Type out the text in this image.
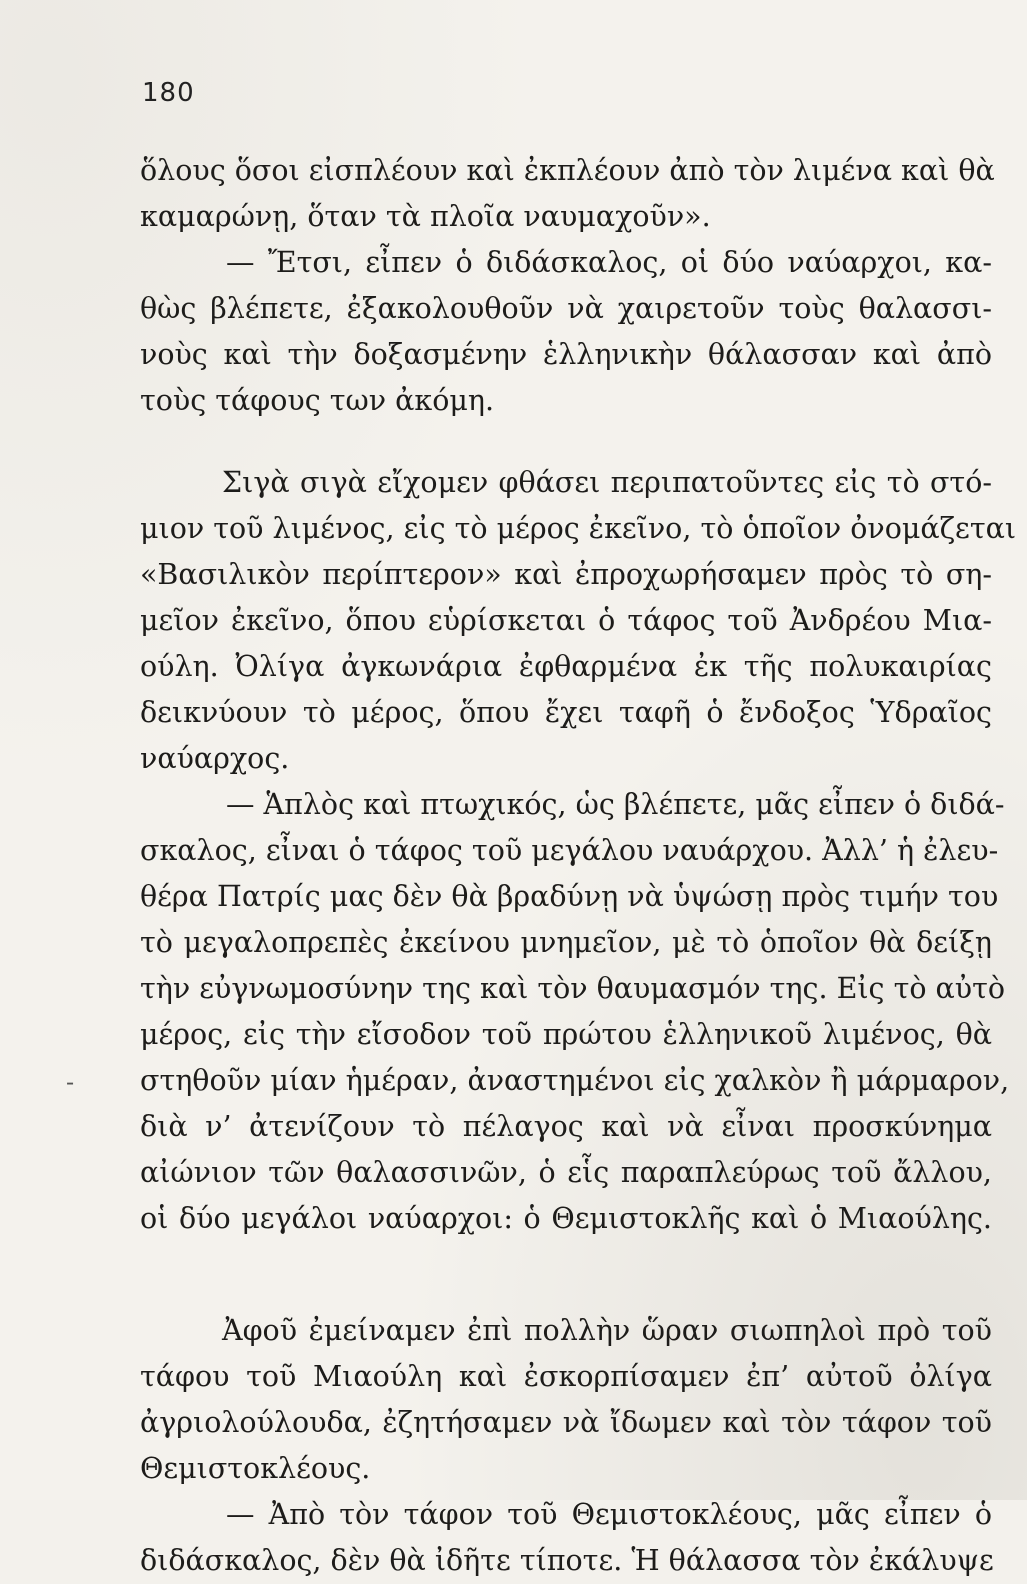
180
-
ὅλους ὅσοι εἰσπλέουν καὶ ἐκπλέουν ἀπὸ τὸν λιμένα καὶ θὰ
καμαρώνῃ, ὅταν τὰ πλοῖα ναυμαχοῦν».
— Ἔτσι, εἶπεν ὁ διδάσκαλος, οἱ δύο ναύαρχοι, κα-
θὼς βλέπετε, ἐξακολουθοῦν νὰ χαιρετοῦν τοὺς θαλασσι-
νοὺς καὶ τὴν δοξασμένην ἑλληνικὴν θάλασσαν καὶ ἀπὸ
τοὺς τάφους των ἀκόμη.
Σιγὰ σιγὰ εἴχομεν φθάσει περιπατοῦντες εἰς τὸ στό-
μιον τοῦ λιμένος, εἰς τὸ μέρος ἐκεῖνο, τὸ ὁποῖον ὀνομάζεται
«Βασιλικὸν περίπτερον» καὶ ἐπροχωρήσαμεν πρὸς τὸ ση-
μεῖον ἐκεῖνο, ὅπου εὑρίσκεται ὁ τάφος τοῦ Ἀνδρέου Μια-
ούλη. Ὀλίγα ἀγκωνάρια ἐφθαρμένα ἐκ τῆς πολυκαιρίας
δεικνύουν τὸ μέρος, ὅπου ἔχει ταφῆ ὁ ἔνδοξος Ὑδραῖος
ναύαρχος.
— Ἁπλὸς καὶ πτωχικός, ὡς βλέπετε, μᾶς εἶπεν ὁ διδά-
σκαλος, εἶναι ὁ τάφος τοῦ μεγάλου ναυάρχου. Ἀλλ’ ἡ ἐλευ-
θέρα Πατρίς μας δὲν θὰ βραδύνῃ νὰ ὑψώσῃ πρὸς τιμήν του
τὸ μεγαλοπρεπὲς ἐκείνου μνημεῖον, μὲ τὸ ὁποῖον θὰ δείξῃ
τὴν εὐγνωμοσύνην της καὶ τὸν θαυμασμόν της. Εἰς τὸ αὐτὸ
μέρος, εἰς τὴν εἴσοδον τοῦ πρώτου ἑλληνικοῦ λιμένος, θὰ
στηθοῦν μίαν ἡμέραν, ἀναστημένοι εἰς χαλκὸν ἢ μάρμαρον,
διὰ ν’ ἀτενίζουν τὸ πέλαγος καὶ νὰ εἶναι προσκύνημα
αἰώνιον τῶν θαλασσινῶν, ὁ εἷς παραπλεύρως τοῦ ἄλλου,
οἱ δύο μεγάλοι ναύαρχοι: ὁ Θεμιστοκλῆς καὶ ὁ Μιαούλης.
Ἀφοῦ ἐμείναμεν ἐπὶ πολλὴν ὥραν σιωπηλοὶ πρὸ τοῦ
τάφου τοῦ Μιαούλη καὶ ἐσκορπίσαμεν ἐπ’ αὐτοῦ ὀλίγα
ἀγριολούλουδα, ἐζητήσαμεν νὰ ἴδωμεν καὶ τὸν τάφον τοῦ
Θεμιστοκλέους.
— Ἀπὸ τὸν τάφον τοῦ Θεμιστοκλέους, μᾶς εἶπεν ὁ
διδάσκαλος, δὲν θὰ ἰδῆτε τίποτε. Ἡ θάλασσα τὸν ἐκάλυψε
